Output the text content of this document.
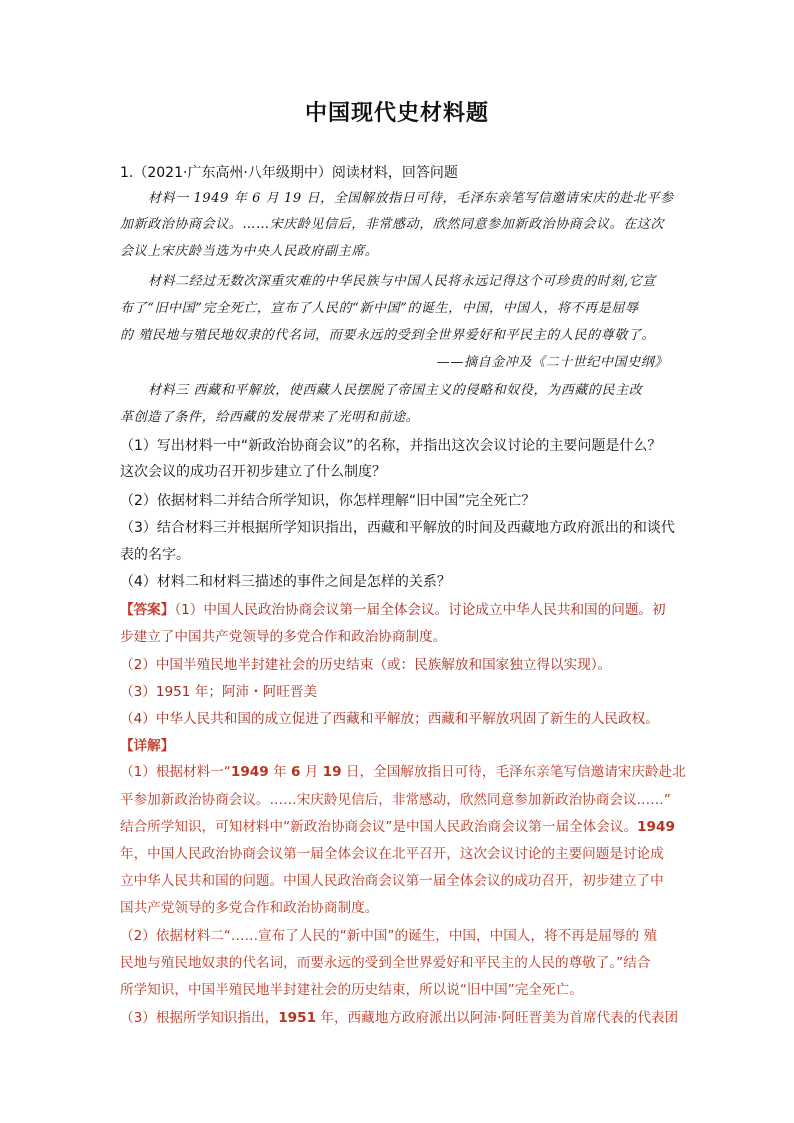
中国现代史材料题
1.（2021·广东高州·八年级期中）阅读材料，回答问题
材料一 1949 年 6 月 19 日，全国解放指日可待，毛泽东亲笔写信邀请宋庆的赴北平参
加新政治协商会议。……宋庆龄见信后，非常感动，欣然同意参加新政治协商会议。在这次
会议上宋庆龄当选为中央人民政府副主席。
材料二经过无数次深重灾难的中华民族与中国人民将永远记得这个可珍贵的时刻,它宣
布了“旧中国”完全死亡，宣布了人民的“新中国”的诞生，中国，中国人，将不再是屈辱
的 殖民地与殖民地奴隶的代名词，而要永远的受到全世界爱好和平民主的人民的尊敬了。
——摘自金冲及《二十世纪中国史纲》
材料三 西藏和平解放，使西藏人民摆脱了帝国主义的侵略和奴役，为西藏的民主改
革创造了条件，给西藏的发展带来了光明和前途。
（1）写出材料一中“新政治协商会议”的名称，并指出这次会议讨论的主要问题是什么？
这次会议的成功召开初步建立了什么制度？
（2）依据材料二并结合所学知识，你怎样理解“旧中国”完全死亡？
（3）结合材料三并根据所学知识指出，西藏和平解放的时间及西藏地方政府派出的和谈代
表的名字。
（4）材料二和材料三描述的事件之间是怎样的关系？
【答案】（1）中国人民政治协商会议第一届全体会议。讨论成立中华人民共和国的问题。初
步建立了中国共产党领导的多党合作和政治协商制度。
（2）中国半殖民地半封建社会的历史结束（或：民族解放和国家独立得以实现）。
（3）1951 年；阿沛・阿旺晋美
（4）中华人民共和国的成立促进了西藏和平解放；西藏和平解放巩固了新生的人民政权。
【详解】
（1）根据材料一“1949 年 6 月 19 日，全国解放指日可待，毛泽东亲笔写信邀请宋庆龄赴北
平参加新政治协商会议。……宋庆龄见信后，非常感动，欣然同意参加新政治协商会议……”
结合所学知识，可知材料中“新政治协商会议”是中国人民政治商会议第一届全体会议。1949
年，中国人民政治协商会议第一届全体会议在北平召开，这次会议讨论的主要问题是讨论成
立中华人民共和国的问题。中国人民政治商会议第一届全体会议的成功召开，初步建立了中
国共产党领导的多党合作和政治协商制度。
（2）依据材料二“……宣布了人民的“新中国”的诞生，中国，中国人，将不再是屈辱的 殖
民地与殖民地奴隶的代名词，而要永远的受到全世界爱好和平民主的人民的尊敬了。”结合
所学知识，中国半殖民地半封建社会的历史结束，所以说“旧中国”完全死亡。
（3）根据所学知识指出，1951 年，西藏地方政府派出以阿沛·阿旺晋美为首席代表的代表团
